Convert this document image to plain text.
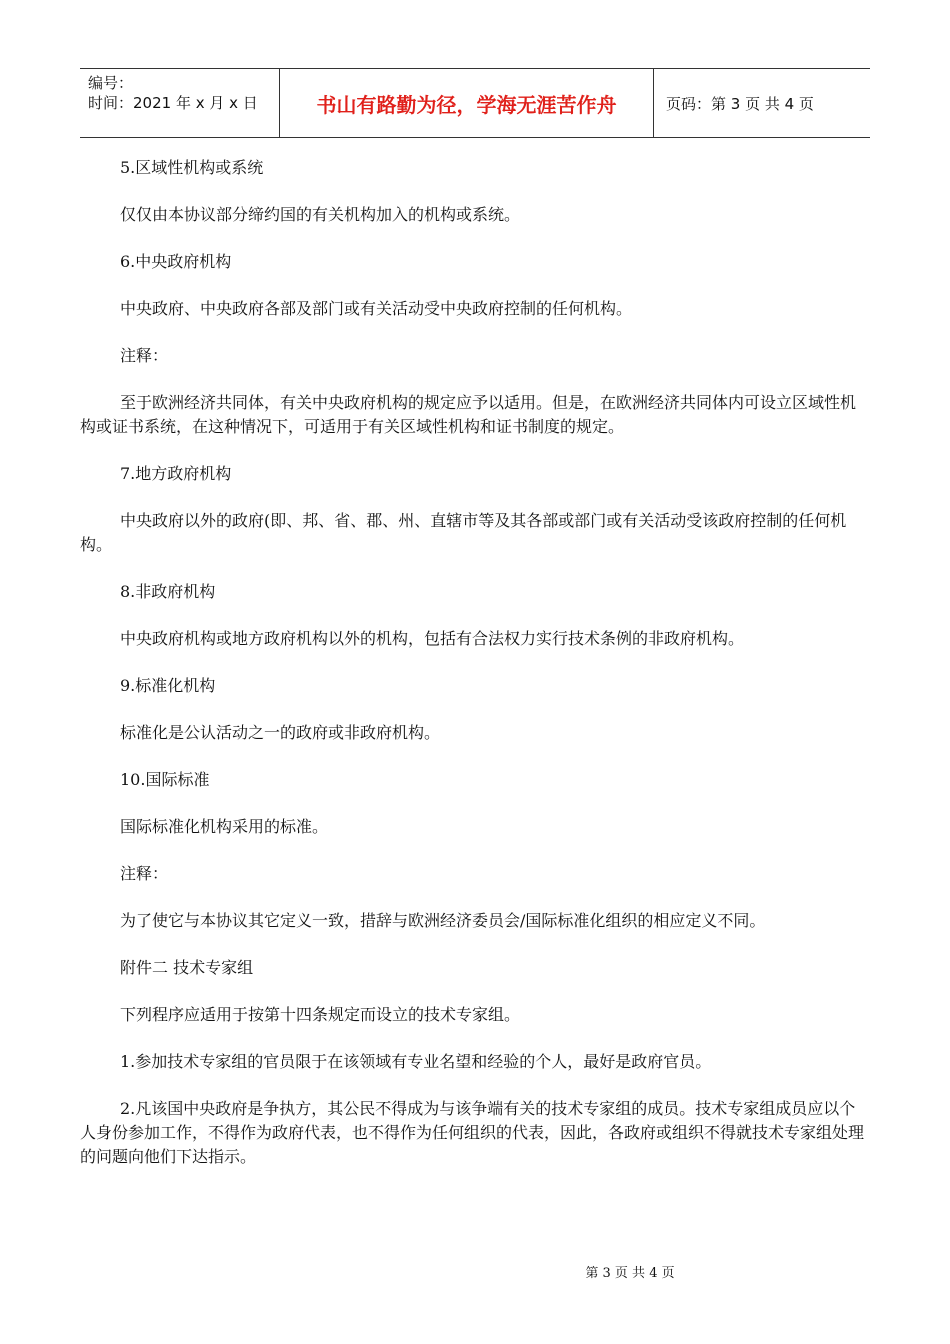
编号：
时间：2021 年 x 月 x 日	书山有路勤为径，学海无涯苦作舟	页码：第 3 页 共 4 页

5.区域性机构或系统

仅仅由本协议部分缔约国的有关机构加入的机构或系统。

6.中央政府机构

中央政府、中央政府各部及部门或有关活动受中央政府控制的任何机构。

注释：

至于欧洲经济共同体，有关中央政府机构的规定应予以适用。但是，在欧洲经济共同体内可设立区域性机构或证书系统，在这种情况下，可适用于有关区域性机构和证书制度的规定。

7.地方政府机构

中央政府以外的政府(即、邦、省、郡、州、直辖市等及其各部或部门或有关活动受该政府控制的任何机构。

8.非政府机构

中央政府机构或地方政府机构以外的机构，包括有合法权力实行技术条例的非政府机构。

9.标准化机构

标准化是公认活动之一的政府或非政府机构。

10.国际标准

国际标准化机构采用的标准。

注释：

为了使它与本协议其它定义一致，措辞与欧洲经济委员会/国际标准化组织的相应定义不同。

附件二 技术专家组

下列程序应适用于按第十四条规定而设立的技术专家组。

1.参加技术专家组的官员限于在该领域有专业名望和经验的个人，最好是政府官员。

2.凡该国中央政府是争执方，其公民不得成为与该争端有关的技术专家组的成员。技术专家组成员应以个人身份参加工作，不得作为政府代表，也不得作为任何组织的代表，因此，各政府或组织不得就技术专家组处理的问题向他们下达指示。

第 3 页 共 4 页
